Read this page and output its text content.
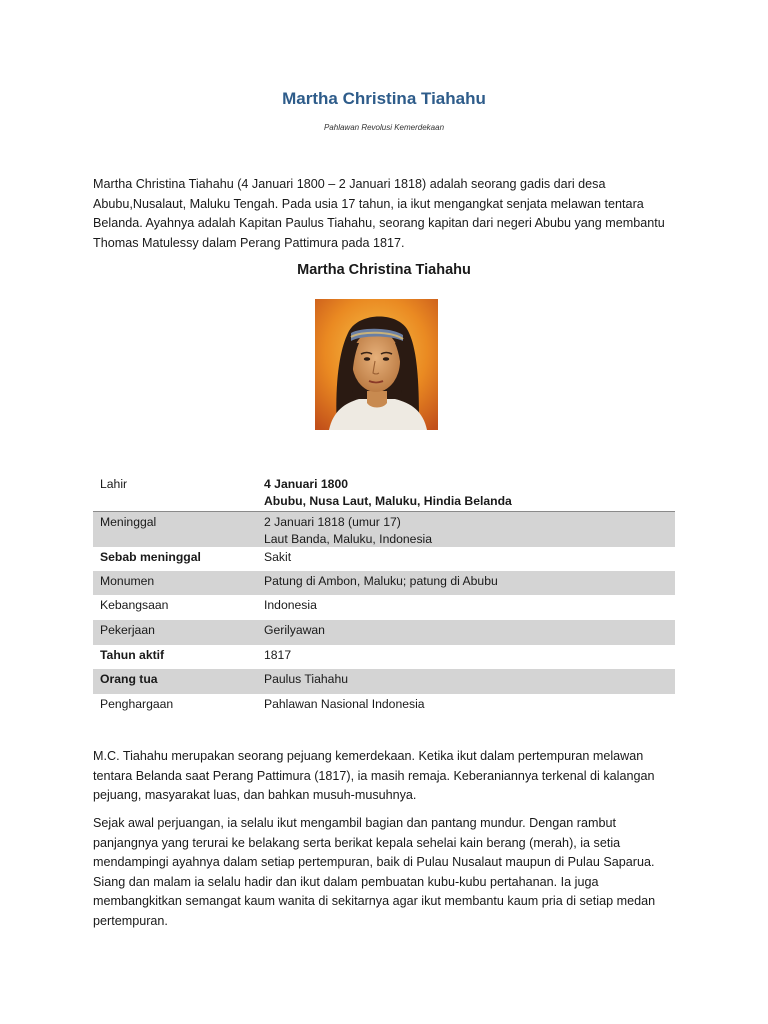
Martha Christina Tiahahu
Pahlawan Revolusi Kemerdekaan

Martha Christina Tiahahu (4 Januari 1800 – 2 Januari 1818) adalah seorang gadis dari desa Abubu,Nusalaut, Maluku Tengah. Pada usia 17 tahun, ia ikut mengangkat senjata melawan tentara Belanda. Ayahnya adalah Kapitan Paulus Tiahahu, seorang kapitan dari negeri Abubu yang membantu Thomas Matulessy dalam Perang Pattimura pada 1817.

Martha Christina Tiahahu
Lahir	4 Januari 1800
Abubu, Nusa Laut, Maluku, Hindia Belanda
Meninggal	2 Januari 1818 (umur 17)
Laut Banda, Maluku, Indonesia
Sebab meninggal	Sakit
Monumen	Patung di Ambon, Maluku; patung di Abubu
Kebangsaan	Indonesia
Pekerjaan	Gerilyawan
Tahun aktif	1817
Orang tua	Paulus Tiahahu
Penghargaan	Pahlawan Nasional Indonesia

M.C. Tiahahu merupakan seorang pejuang kemerdekaan. Ketika ikut dalam pertempuran melawan tentara Belanda saat Perang Pattimura (1817), ia masih remaja. Keberaniannya terkenal di kalangan pejuang, masyarakat luas, dan bahkan musuh-musuhnya.

Sejak awal perjuangan, ia selalu ikut mengambil bagian dan pantang mundur. Dengan rambut panjangnya yang terurai ke belakang serta berikat kepala sehelai kain berang (merah), ia setia mendampingi ayahnya dalam setiap pertempuran, baik di Pulau Nusalaut maupun di Pulau Saparua. Siang dan malam ia selalu hadir dan ikut dalam pembuatan kubu-kubu pertahanan. Ia juga membangkitkan semangat kaum wanita di sekitarnya agar ikut membantu kaum pria di setiap medan pertempuran.
